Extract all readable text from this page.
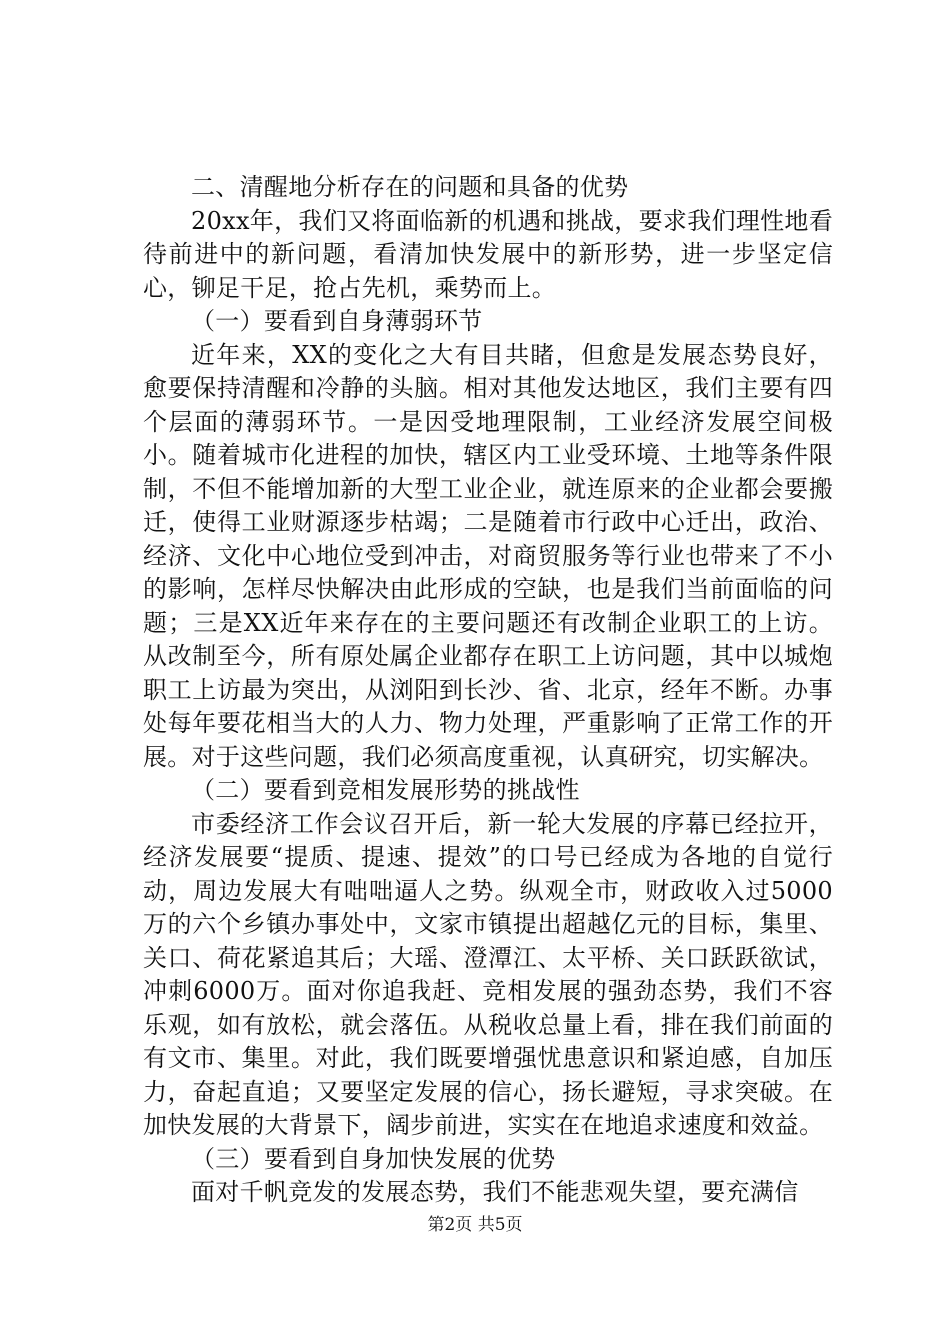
二、清醒地分析存在的问题和具备的优势

20xx年，我们又将面临新的机遇和挑战，要求我们理性地看待前进中的新问题，看清加快发展中的新形势，进一步坚定信心，铆足干足，抢占先机，乘势而上。

（一）要看到自身薄弱环节

近年来，XX的变化之大有目共睹，但愈是发展态势良好，愈要保持清醒和冷静的头脑。相对其他发达地区，我们主要有四个层面的薄弱环节。一是因受地理限制，工业经济发展空间极小。随着城市化进程的加快，辖区内工业受环境、土地等条件限制，不但不能增加新的大型工业企业，就连原来的企业都会要搬迁，使得工业财源逐步枯竭；二是随着市行政中心迁出，政治、经济、文化中心地位受到冲击，对商贸服务等行业也带来了不小的影响，怎样尽快解决由此形成的空缺，也是我们当前面临的问题；三是XX近年来存在的主要问题还有改制企业职工的上访。从改制至今，所有原处属企业都存在职工上访问题，其中以城炮职工上访最为突出，从浏阳到长沙、省、北京，经年不断。办事处每年要花相当大的人力、物力处理，严重影响了正常工作的开展。对于这些问题，我们必须高度重视，认真研究，切实解决。

（二）要看到竞相发展形势的挑战性

市委经济工作会议召开后，新一轮大发展的序幕已经拉开，经济发展要“提质、提速、提效”的口号已经成为各地的自觉行动，周边发展大有咄咄逼人之势。纵观全市，财政收入过5000万的六个乡镇办事处中，文家市镇提出超越亿元的目标，集里、关口、荷花紧追其后；大瑶、澄潭江、太平桥、关口跃跃欲试，冲刺6000万。面对你追我赶、竞相发展的强劲态势，我们不容乐观，如有放松，就会落伍。从税收总量上看，排在我们前面的有文市、集里。对此，我们既要增强忧患意识和紧迫感，自加压力，奋起直追；又要坚定发展的信心，扬长避短，寻求突破。在加快发展的大背景下，阔步前进，实实在在地追求速度和效益。

（三）要看到自身加快发展的优势

面对千帆竞发的发展态势，我们不能悲观失望，要充满信

第2页 共5页
